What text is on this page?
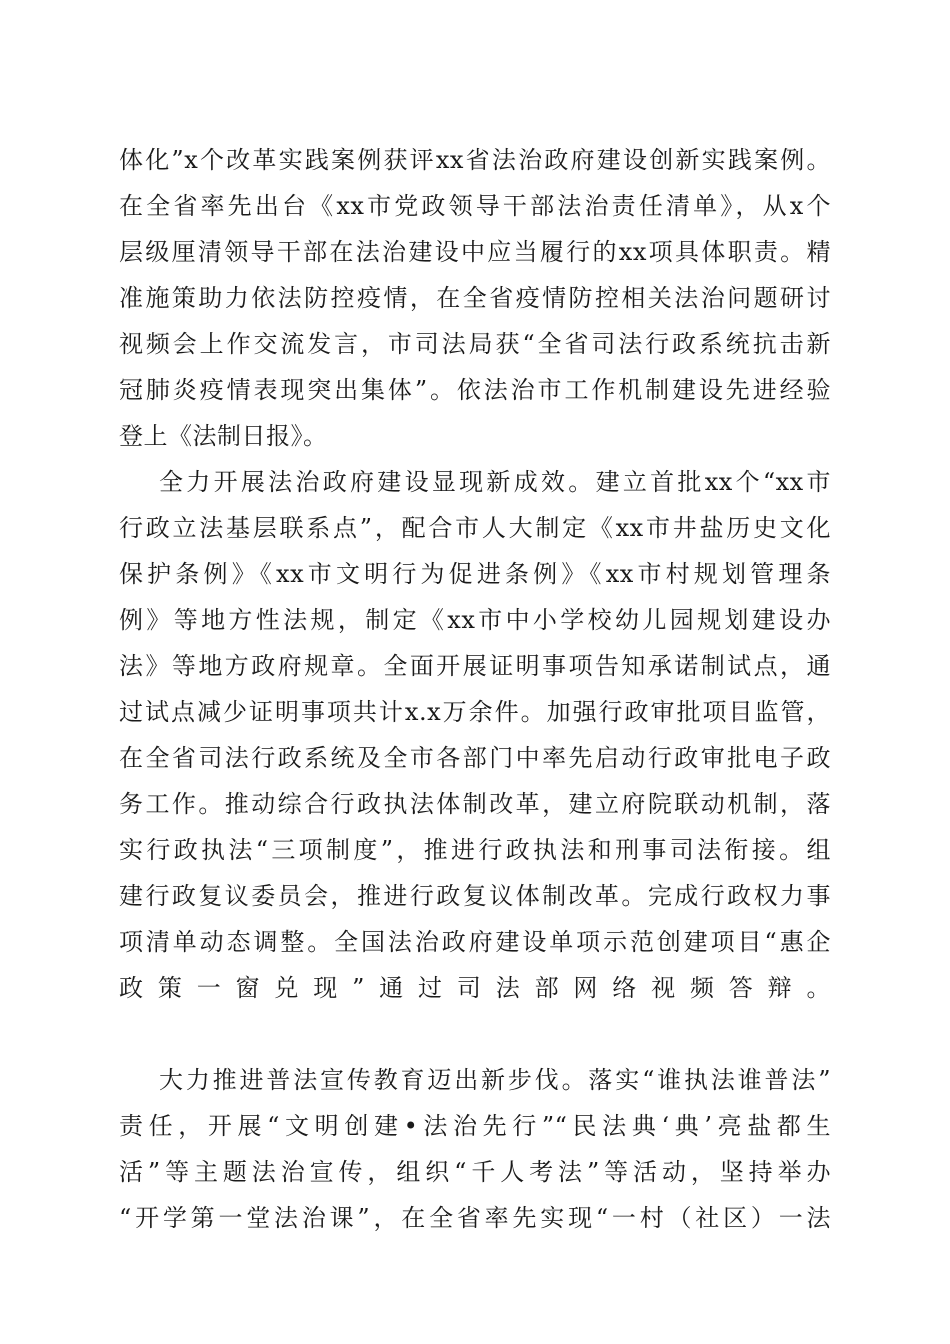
体化”x个改革实践案例获评xx省法治政府建设创新实践案例。
在全省率先出台《xx市党政领导干部法治责任清单》，从x个
层级厘清领导干部在法治建设中应当履行的xx项具体职责。精
准施策助力依法防控疫情，在全省疫情防控相关法治问题研讨
视频会上作交流发言，市司法局获“全省司法行政系统抗击新
冠肺炎疫情表现突出集体”。依法治市工作机制建设先进经验
登上《法制日报》。
全力开展法治政府建设显现新成效。建立首批xx个“xx市
行政立法基层联系点”，配合市人大制定《xx市井盐历史文化
保护条例》《xx市文明行为促进条例》《xx市村规划管理条
例》等地方性法规，制定《xx市中小学校幼儿园规划建设办
法》等地方政府规章。全面开展证明事项告知承诺制试点，通
过试点减少证明事项共计x.x万余件。加强行政审批项目监管，
在全省司法行政系统及全市各部门中率先启动行政审批电子政
务工作。推动综合行政执法体制改革，建立府院联动机制，落
实行政执法“三项制度”，推进行政执法和刑事司法衔接。组
建行政复议委员会，推进行政复议体制改革。完成行政权力事
项清单动态调整。全国法治政府建设单项示范创建项目“惠企
政策一窗兑现”通过司法部网络视频答辩。
大力推进普法宣传教育迈出新步伐。落实“谁执法谁普法”
责任，开展“文明创建•法治先行”“民法典‘典’亮盐都生
活”等主题法治宣传，组织“千人考法”等活动，坚持举办
“开学第一堂法治课”，在全省率先实现“一村（社区）一法
